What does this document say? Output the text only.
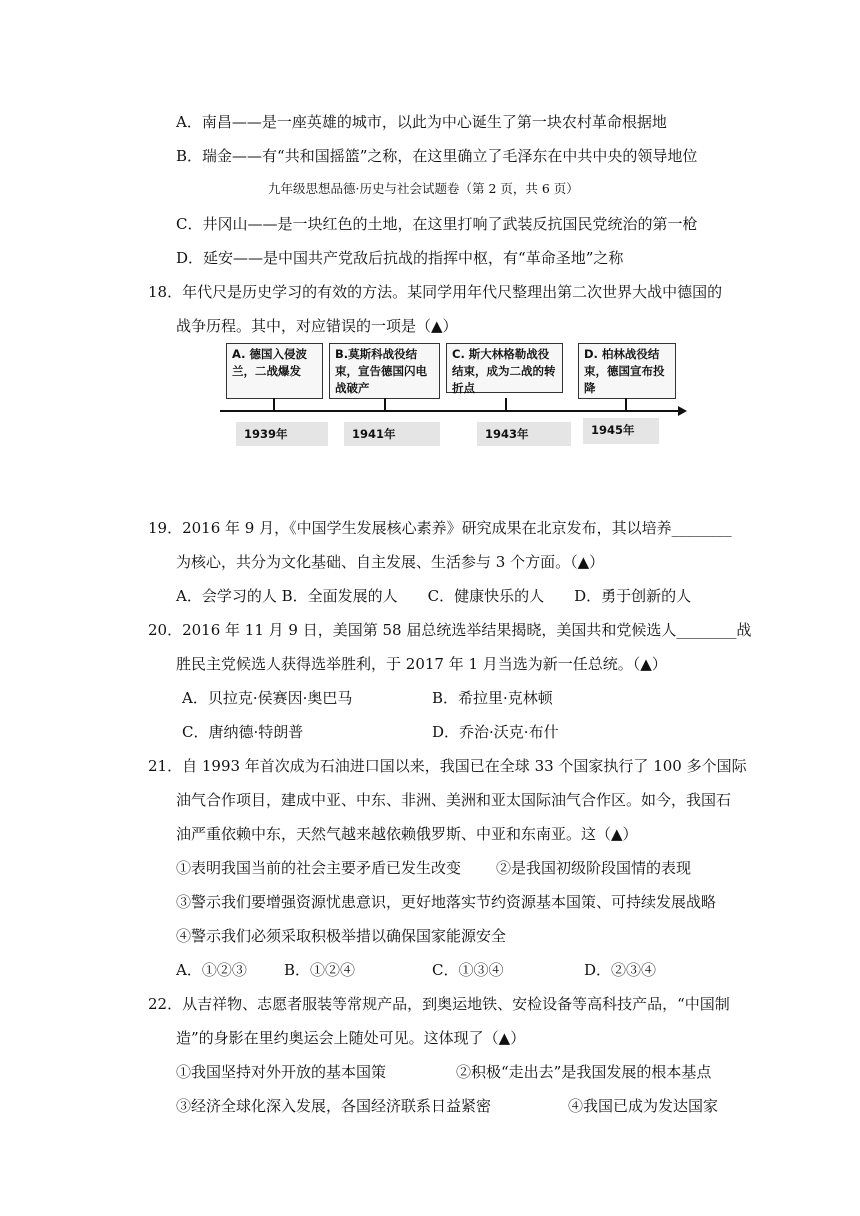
A．南昌——是一座英雄的城市，以此为中心诞生了第一块农村革命根据地
B．瑞金——有“共和国摇篮”之称，在这里确立了毛泽东在中共中央的领导地位
九年级思想品德·历史与社会试题卷（第 2 页，共 6 页）
C．井冈山——是一块红色的土地，在这里打响了武装反抗国民党统治的第一枪
D．延安——是中国共产党敌后抗战的指挥中枢，有“革命圣地”之称
18．年代尺是历史学习的有效的方法。某同学用年代尺整理出第二次世界大战中德国的
战争历程。其中，对应错误的一项是（▲）
A. 德国入侵波兰，二战爆发
B.莫斯科战役结束，宣告德国闪电战破产
C. 斯大林格勒战役结束，成为二战的转折点
D. 柏林战役结束，德国宣布投降
1939年	1941年	1943年	1945年
19．2016 年 9 月，《中国学生发展核心素养》研究成果在北京发布，其以培养________
为核心，共分为文化基础、自主发展、生活参与 3 个方面。（▲）
A．会学习的人 B．全面发展的人　　C．健康快乐的人　　D．勇于创新的人
20．2016 年 11 月 9 日，美国第 58 届总统选举结果揭晓，美国共和党候选人________战
胜民主党候选人获得选举胜利，于 2017 年 1 月当选为新一任总统。（▲）
A．贝拉克·侯赛因·奥巴马	B．希拉里·克林顿
C．唐纳德·特朗普	D．乔治·沃克·布什
21．自 1993 年首次成为石油进口国以来，我国已在全球 33 个国家执行了 100 多个国际
油气合作项目，建成中亚、中东、非洲、美洲和亚太国际油气合作区。如今，我国石
油严重依赖中东，天然气越来越依赖俄罗斯、中亚和东南亚。这（▲）
①表明我国当前的社会主要矛盾已发生改变 ②是我国初级阶段国情的表现
③警示我们要增强资源忧患意识，更好地落实节约资源基本国策、可持续发展战略
④警示我们必须采取积极举措以确保国家能源安全
A．①②③ B．①②④	C．①③④	D．②③④
22．从吉祥物、志愿者服装等常规产品，到奥运地铁、安检设备等高科技产品，“中国制
造”的身影在里约奥运会上随处可见。这体现了（▲）
①我国坚持对外开放的基本国策	②积极“走出去”是我国发展的根本基点
③经济全球化深入发展，各国经济联系日益紧密	④我国已成为发达国家
